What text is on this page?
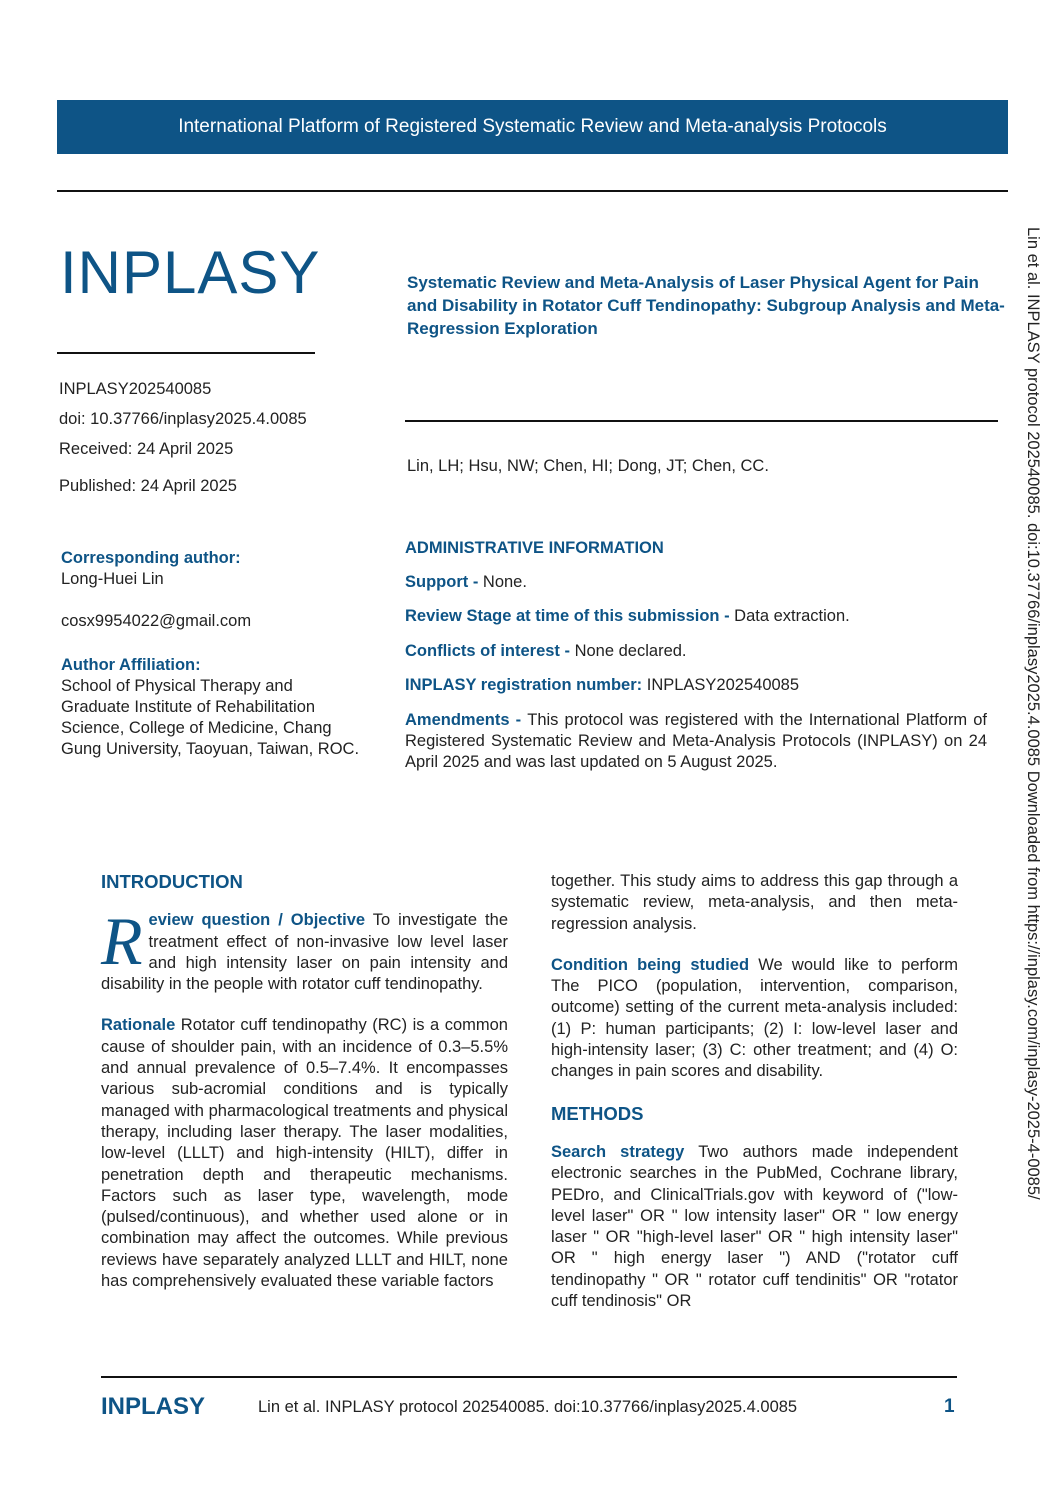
International Platform of Registered Systematic Review and Meta-analysis Protocols
INPLASY
INPLASY202540085
doi: 10.37766/inplasy2025.4.0085
Received: 24 April 2025
Published: 24 April 2025
Systematic Review and Meta-Analysis of Laser Physical Agent for Pain and Disability in Rotator Cuff Tendinopathy: Subgroup Analysis and Meta-Regression Exploration
Lin, LH; Hsu, NW; Chen, HI; Dong, JT; Chen, CC.
Corresponding author:
Long-Huei Lin
cosx9954022@gmail.com
Author Affiliation:
School of Physical Therapy and Graduate Institute of Rehabilitation Science, College of Medicine, Chang Gung University, Taoyuan, Taiwan, ROC.
ADMINISTRATIVE INFORMATION
Support - None.
Review Stage at time of this submission - Data extraction.
Conflicts of interest - None declared.
INPLASY registration number: INPLASY202540085
Amendments - This protocol was registered with the International Platform of Registered Systematic Review and Meta-Analysis Protocols (INPLASY) on 24 April 2025 and was last updated on 5 August 2025.
INTRODUCTION

Review question / Objective To investigate the treatment effect of non-invasive low level laser and high intensity laser on pain intensity and disability in the people with rotator cuff tendinopathy.

Rationale Rotator cuff tendinopathy (RC) is a common cause of shoulder pain, with an incidence of 0.3–5.5% and annual prevalence of 0.5–7.4%. It encompasses various sub-acromial conditions and is typically managed with pharmacological treatments and physical therapy, including laser therapy. The laser modalities, low-level (LLLT) and high-intensity (HILT), differ in penetration depth and therapeutic mechanisms. Factors such as laser type, wavelength, mode (pulsed/continuous), and whether used alone or in combination may affect the outcomes. While previous reviews have separately analyzed LLLT and HILT, none has comprehensively evaluated these variable factors

together. This study aims to address this gap through a systematic review, meta-analysis, and then meta-regression analysis.

Condition being studied We would like to perform The PICO (population, intervention, comparison, outcome) setting of the current meta-analysis included: (1) P: human participants; (2) I: low-level laser and high-intensity laser; (3) C: other treatment; and (4) O: changes in pain scores and disability.

METHODS

Search strategy Two authors made independent electronic searches in the PubMed, Cochrane library, PEDro, and ClinicalTrials.gov with keyword of ("low-level laser" OR " low intensity laser" OR " low energy laser " OR "high-level laser" OR " high intensity laser" OR " high energy laser ") AND ("rotator cuff tendinopathy " OR " rotator cuff tendinitis" OR "rotator cuff tendinosis" OR

Lin et al. INPLASY protocol 202540085. doi:10.37766/inplasy2025.4.0085 Downloaded from https://inplasy.com/inplasy-2025-4-0085/
INPLASY	Lin et al. INPLASY protocol 202540085. doi:10.37766/inplasy2025.4.0085	1
